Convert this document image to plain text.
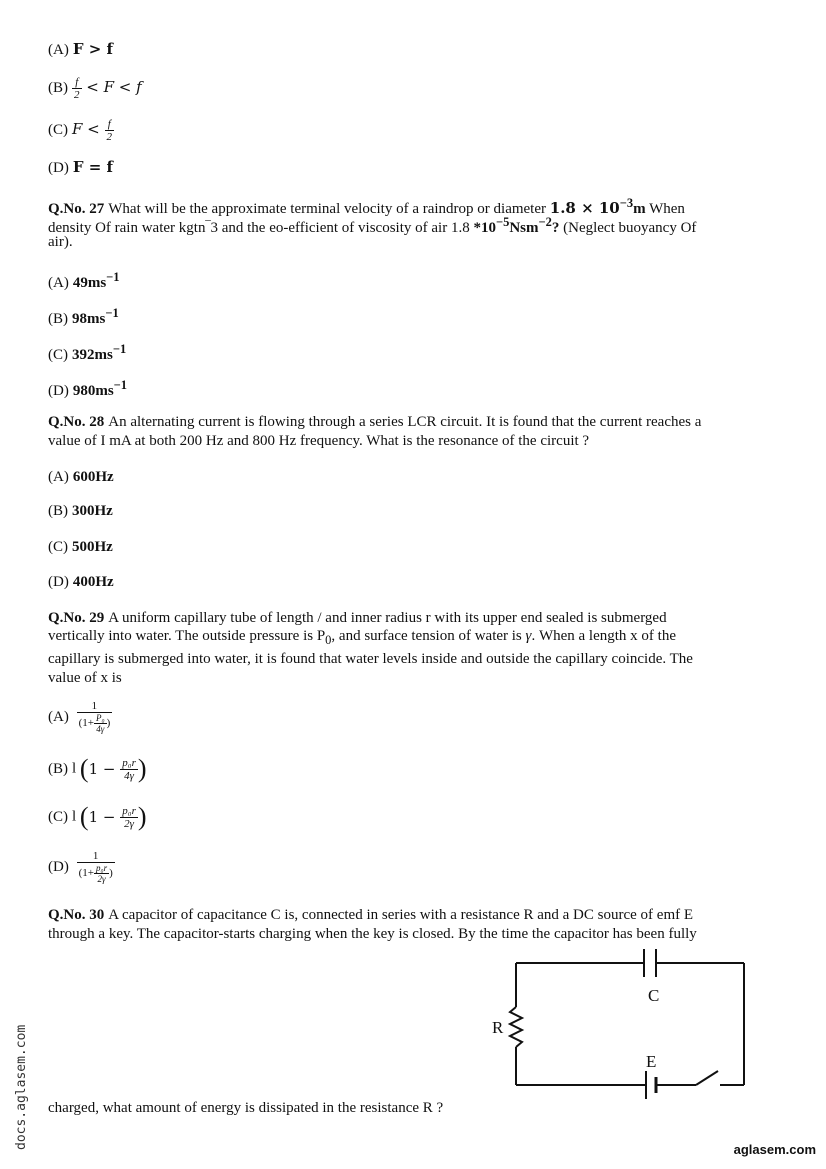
(A) F > f
$(B) \frac{f}{2} < F < f$
(C) $F < \frac{f}{2}$
(D) F = f
Q.No. 27 What will be the approximate terminal velocity of a raindrop or diameter $1.8 \times 10^{-3}m$ When
density Of rain water kgtn‾3 and the eo-efficient of viscosity of air 1.8 $*10^{-5}Nsm^{-2}$? (Neglect buoyancy Of
air).
(A) $49ms^{-1}$
(B) $98ms^{-1}$
(C) $392ms^{-1}$
(D) $980ms^{-1}$
Q.No. 28 An alternating current is flowing through a series LCR circuit. It is found that the current reaches a
value of I mA at both 200 Hz and 800 Hz frequency. What is the resonance of the circuit ?
(A) 600Hz
(B) 300Hz
(C) 500Hz
(D) 400Hz
Q.No. 29 A uniform capillary tube of length / and inner radius r with its upper end sealed is submerged
vertically into water. The outside pressure is $P_0$, and surface tension of water is γ. When a length x of the
capillary is submerged into water, it is found that water levels inside and outside the capillary coincide. The
value of x is
$(A) \frac{1}{(1+ \frac{\text{P₀}}{4\gamma} )}$
(B) l ($1 - \frac{\text{p₀r}}{4\gamma}$ )
(C) l ($1 - \frac{\text{p₀r}}{2\gamma}$ )
$(D) \frac{1}{(1+ \frac{\text{p₀r}}{2\gamma} )}$
Q.No. 30 A capacitor of capacitance C is, connected in series with a resistance R and a DC source of emf E
through a key. The capacitor-starts charging when the key is closed. By the time the capacitor has been fully
charged, what amount of energy is dissipated in the resistance R ?
C
R
E
docs.aglasem.com	aglasem.com
